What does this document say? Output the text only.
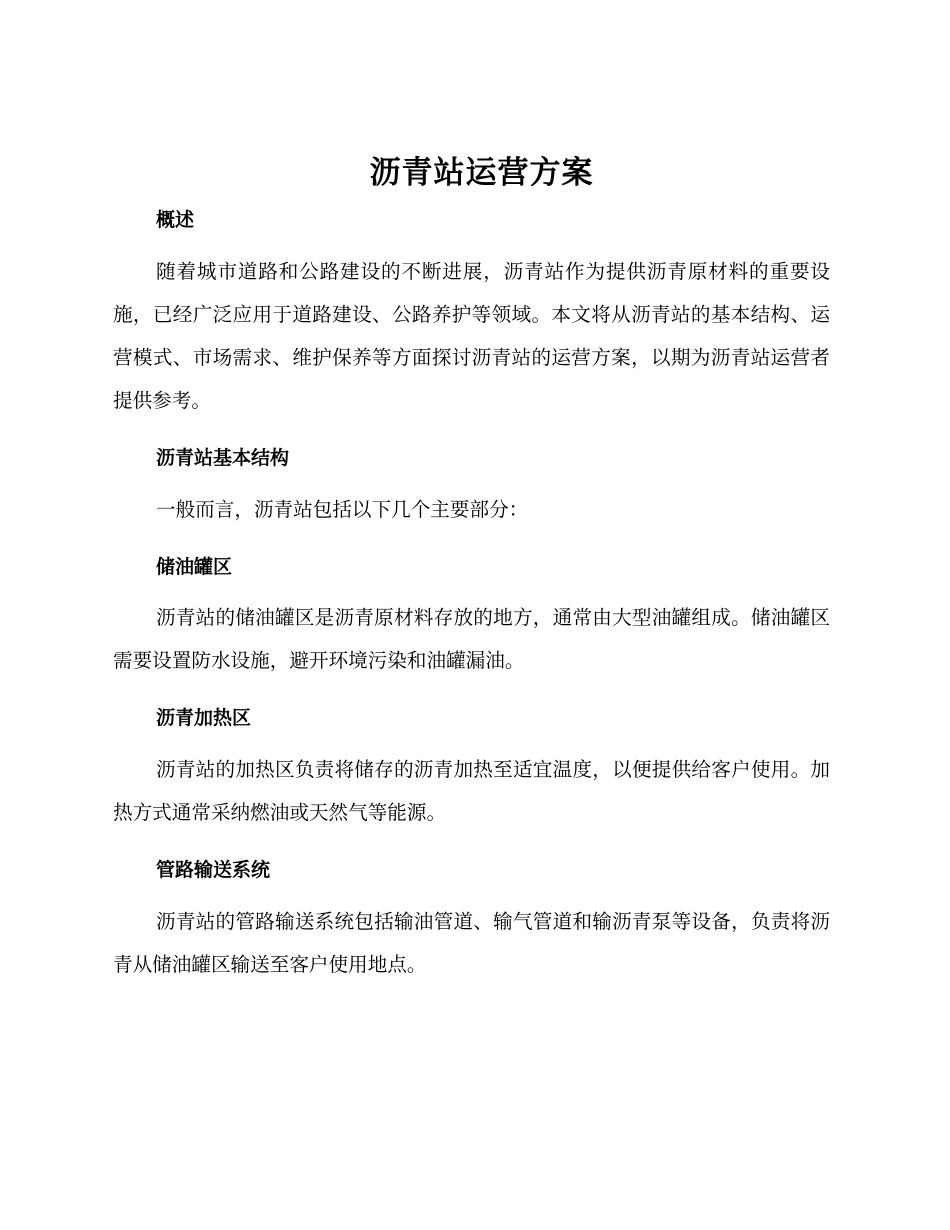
沥青站运营方案
概述

随着城市道路和公路建设的不断进展，沥青站作为提供沥青原材料的重要设施，已经广泛应用于道路建设、公路养护等领域。本文将从沥青站的基本结构、运营模式、市场需求、维护保养等方面探讨沥青站的运营方案，以期为沥青站运营者提供参考。

沥青站基本结构

一般而言，沥青站包括以下几个主要部分：

储油罐区

沥青站的储油罐区是沥青原材料存放的地方，通常由大型油罐组成。储油罐区需要设置防水设施，避开环境污染和油罐漏油。

沥青加热区

沥青站的加热区负责将储存的沥青加热至适宜温度，以便提供给客户使用。加热方式通常采纳燃油或天然气等能源。

管路输送系统

沥青站的管路输送系统包括输油管道、输气管道和输沥青泵等设备，负责将沥青从储油罐区输送至客户使用地点。
